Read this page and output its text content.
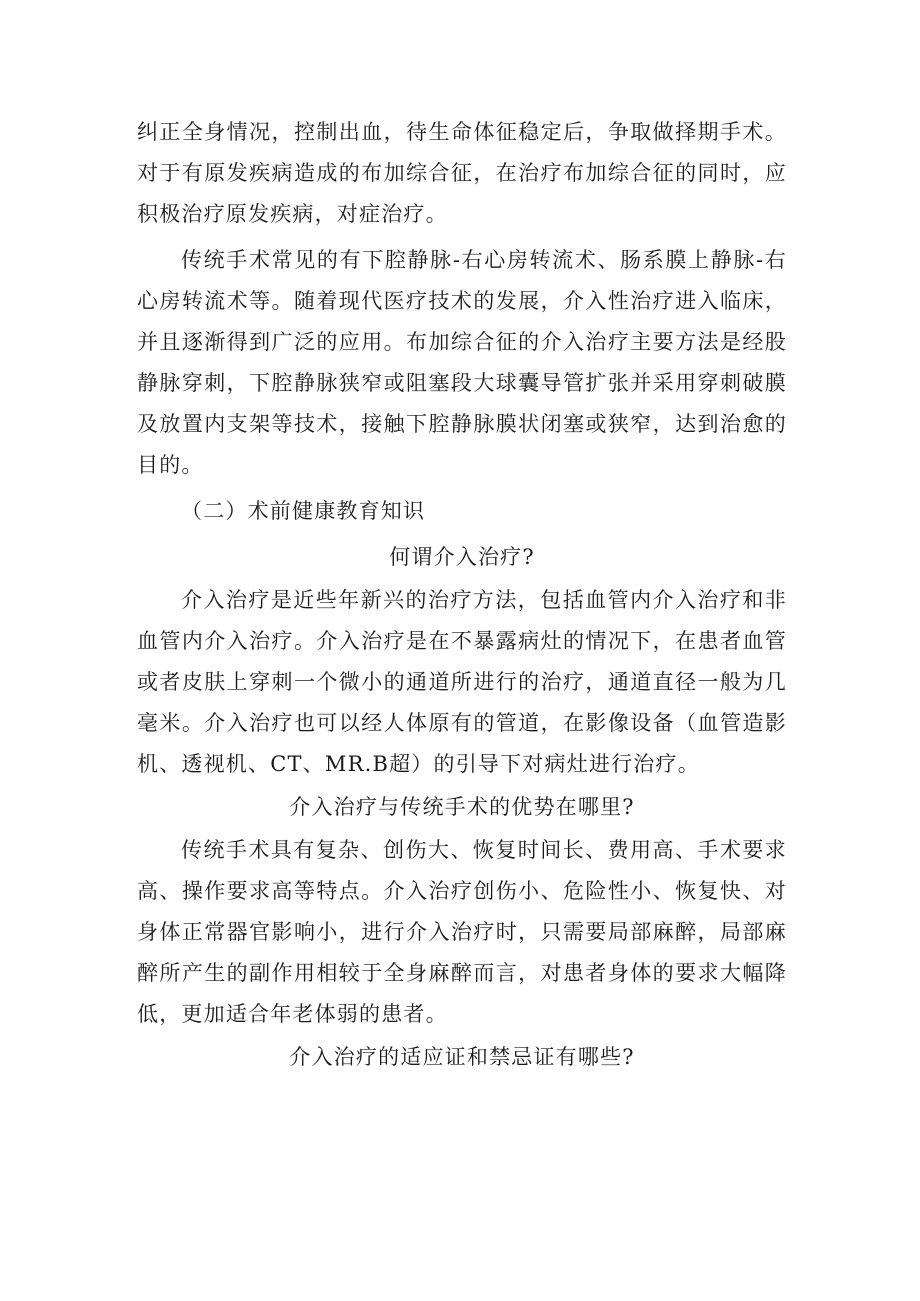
纠正全身情况，控制出血，待生命体征稳定后，争取做择期手术。对于有原发疾病造成的布加综合征，在治疗布加综合征的同时，应积极治疗原发疾病，对症治疗。

传统手术常见的有下腔静脉-右心房转流术、肠系膜上静脉-右心房转流术等。随着现代医疗技术的发展，介入性治疗进入临床，并且逐渐得到广泛的应用。布加综合征的介入治疗主要方法是经股静脉穿刺，下腔静脉狭窄或阻塞段大球囊导管扩张并采用穿刺破膜及放置内支架等技术，接触下腔静脉膜状闭塞或狭窄，达到治愈的目的。

（二）术前健康教育知识

何谓介入治疗?

介入治疗是近些年新兴的治疗方法，包括血管内介入治疗和非血管内介入治疗。介入治疗是在不暴露病灶的情况下，在患者血管或者皮肤上穿刺一个微小的通道所进行的治疗，通道直径一般为几毫米。介入治疗也可以经人体原有的管道，在影像设备（血管造影机、透视机、CT、MR.B超）的引导下对病灶进行治疗。

介入治疗与传统手术的优势在哪里?

传统手术具有复杂、创伤大、恢复时间长、费用高、手术要求高、操作要求高等特点。介入治疗创伤小、危险性小、恢复快、对身体正常器官影响小，进行介入治疗时，只需要局部麻醉，局部麻醉所产生的副作用相较于全身麻醉而言，对患者身体的要求大幅降低，更加适合年老体弱的患者。

介入治疗的适应证和禁忌证有哪些?
